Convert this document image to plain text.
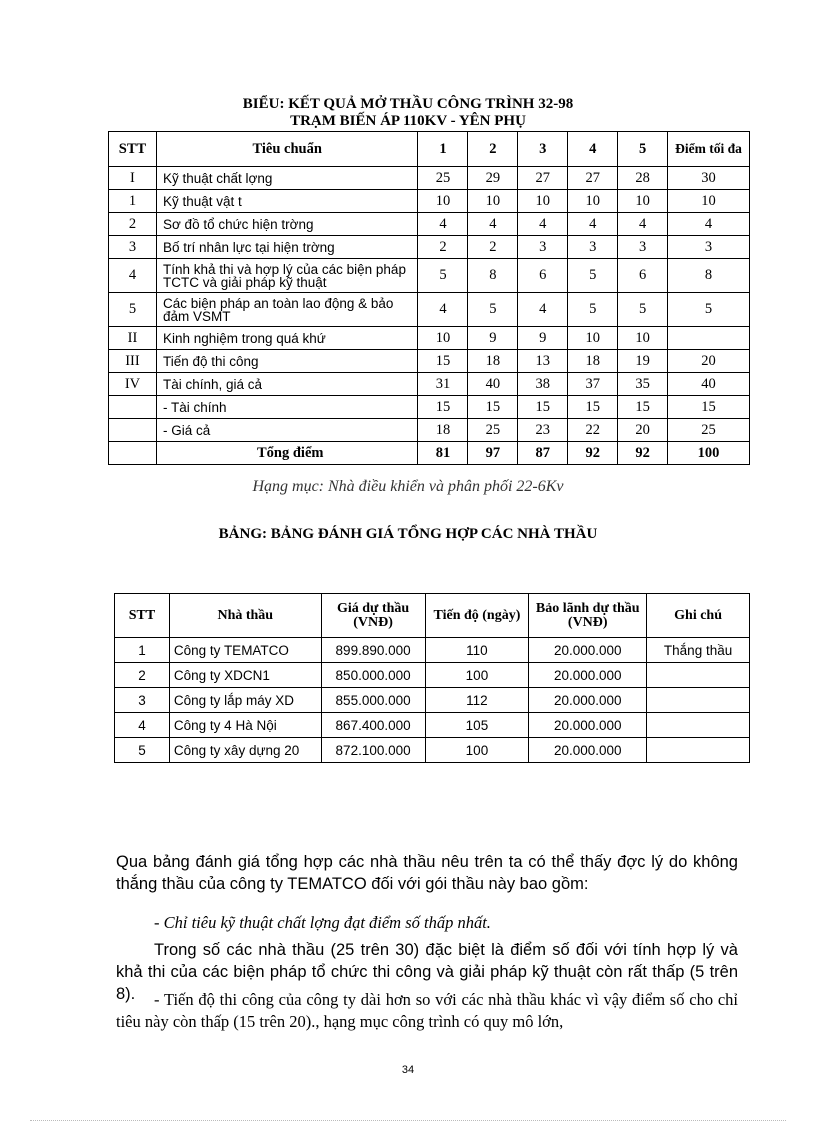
BIỂU: KẾT QUẢ MỞ THẦU CÔNG TRÌNH 32-98
TRẠM BIẾN ÁP 110KV - YÊN PHỤ
STT	Tiêu chuẩn	1	2	3	4	5	Điểm tối đa
I	Kỹ thuật chất lợng	25	29	27	27	28	30
1	Kỹ thuật vật t	10	10	10	10	10	10
2	Sơ đồ tổ chức hiện trờng	4	4	4	4	4	4
3	Bố trí nhân lực tại hiện trờng	2	2	3	3	3	3
4	Tính khả thi và hợp lý của các biện pháp TCTC và giải pháp kỹ thuật	5	8	6	5	6	8
5	Các biện pháp an toàn lao động & bảo đảm VSMT	4	5	4	5	5	5
II	Kinh nghiệm trong quá khứ	10	9	9	10	10	
III	Tiến độ thi công	15	18	13	18	19	20
IV	Tài chính, giá cả	31	40	38	37	35	40
	- Tài chính	15	15	15	15	15	15
	- Giá cả	18	25	23	22	20	25
	Tổng điểm	81	97	87	92	92	100
Hạng mục: Nhà điều khiển và phân phối 22-6Kv
BẢNG: BẢNG ĐÁNH GIÁ TỔNG HỢP CÁC NHÀ THẦU
STT	Nhà thầu	Giá dự thầu (VNĐ)	Tiến độ (ngày)	Bảo lãnh dự thầu (VNĐ)	Ghi chú
1	Công ty TEMATCO	899.890.000	110	20.000.000	Thắng thầu
2	Công ty XDCN1	850.000.000	100	20.000.000	
3	Công ty lắp máy XD	855.000.000	112	20.000.000	
4	Công ty 4 Hà Nội	867.400.000	105	20.000.000	
5	Công ty xây dựng 20	872.100.000	100	20.000.000	
Qua bảng đánh giá tổng hợp các nhà thầu nêu trên ta có thể thấy đợc lý do không thắng thầu của công ty TEMATCO đối với gói thầu này bao gồm:
- Chỉ tiêu kỹ thuật chất lợng đạt điểm số thấp nhất.
Trong số các nhà thầu (25 trên 30) đặc biệt là điểm số đối với tính hợp lý và khả thi của các biện pháp tổ chức thi công và giải pháp kỹ thuật còn rất thấp (5 trên 8).	- Tiến độ thi công của công ty dài hơn so với các nhà thầu khác vì vậy điểm số cho chỉ tiêu này còn thấp (15 trên 20)., hạng mục công trình có quy mô lớn,
34
